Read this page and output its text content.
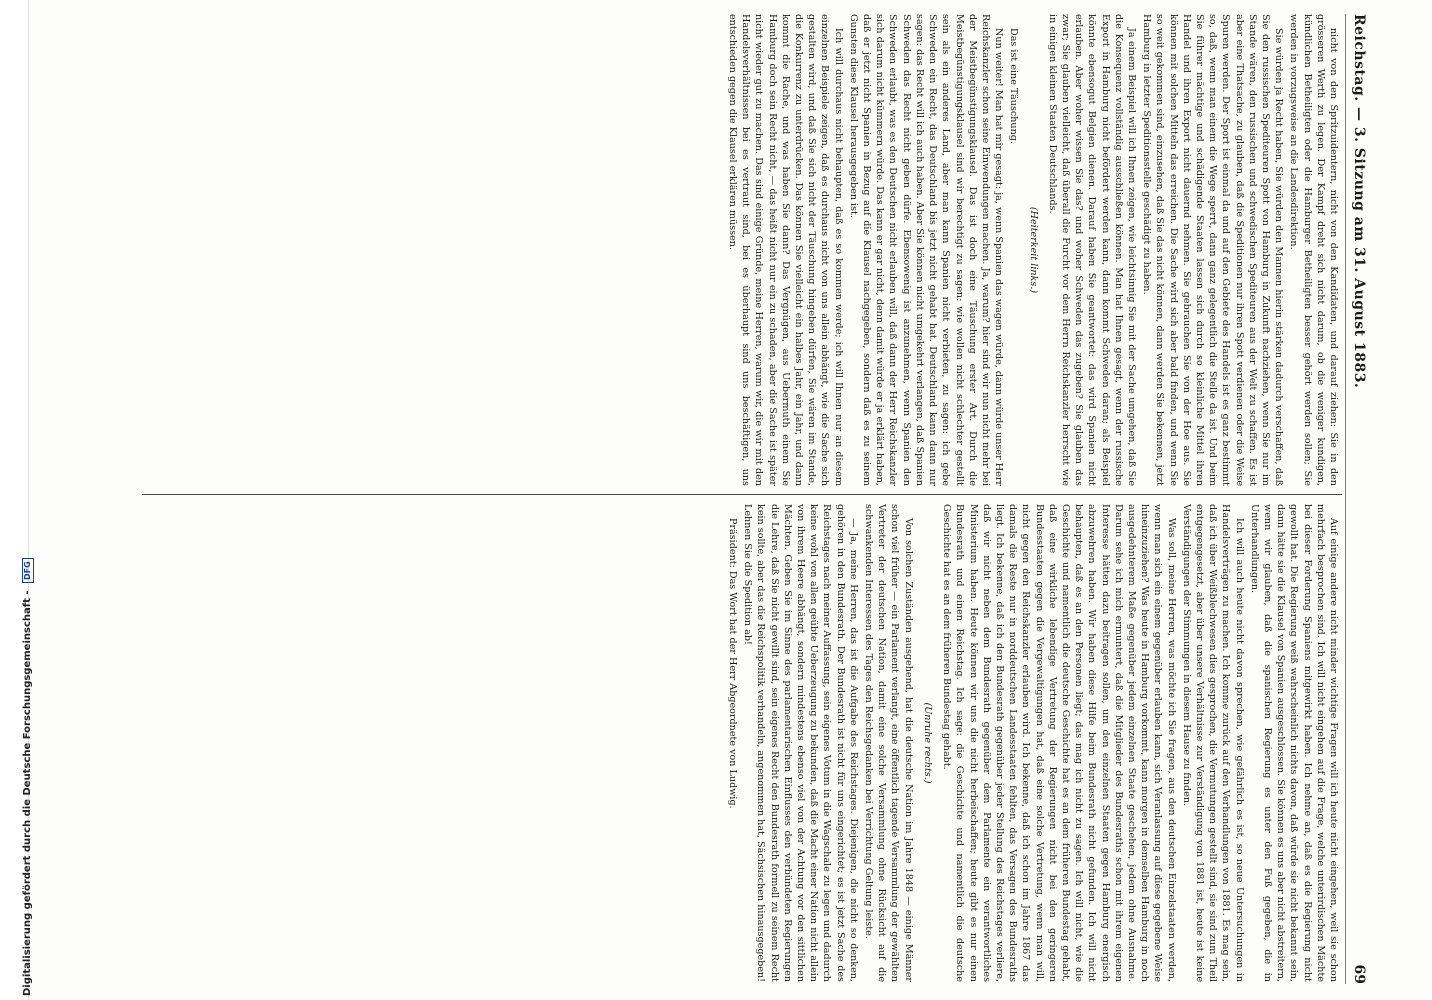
Digitalisierung gefördert durch die Deutsche Forschungsgemeinschaft - DFG
Reichstag. — 3. Sitzung am 31. August 1883.
69

nicht von den Spritzuidentern, nicht von den Kandidaten, und darauf ziehen: Sie in den grösseren Werth zu legen. Der Kampf dreht sich nicht darum, ob die weniger kundigen, kündlichen Betheiligten oder die Hamburger Betheiligten besser gehört werden sollen; Sie werden in vorzugsweise an die Landesdirektion.

Sie würden ja Recht haben, Sie würden den Mannen hierin stärken dadurch verschaffen, daß Sie den russischen Spediteuren Spott von Hamburg in Zukunft nachziehen, wenn Sie nur im Stande wären, den russischen und schwedischen Spediteuren aus der Welt zu schaffen. Es ist aber eine Thatsache, zu glauben, daß die Speditionen nur ihren Spott verdienen oder die Weise Spuren werden. Der Sport ist einmal da und auf den Gebiete des Handels ist es ganz bestimmt so, daß, wenn man einem die Wege sperrt, dann ganz gelegentlich die Stelle da ist. Und beim Sie führer mächtige und schädigende Staaten lassen sich durch so kleinliche Mittel ihren Handel und ihren Export nicht dauernd nehmen. Sie gebrauchen Sie von der Hoe aus. Sie können mit solchen Mitteln das erreichen. Die Sache wird sich aber bald finden, und wenn Sie so weit gekommen sind, einzusehen, daß Sie das nicht können, dann werden Sie bekennen, jetzt Hamburg in letzter Speditionsstelle geschädigt zu haben.

Ja einem Beispiel will ich Ihnen zeigen, wie leichtsinnig Sie mit der Sache umgehen, daß Sie die Konsequenz vollständig ausschließen können. Man hat Ihnen gesagt, wenn der russische Export in Hamburg nicht befördert werden kann, dann kommt Schweden daran; als Beispiel könnte ebensogut Belgien dienen. Darauf haben Sie geantwortet: das wird Spanien nicht erlauben. Aber woher wissen Sie das? und woher Schweden das zugeben? Sie glauben das zwar; Sie glauben vielleicht, daß überall die Furcht vor dem Herrn Reichskanzler herrscht wie in einigen kleinen Staaten Deutschlands.

(Heiterkeit links.)

Das ist eine Täuschung.

Nun weiter! Man hat mir gesagt: ja, wenn Spanien das wagen würde, dann würde unser Herr Reichskanzler schon seine Einwendungen machen. Ja, warum? hier sind wir nun nicht mehr bei der Meistbegünstigungsklausel. Das ist doch eine Täuschung erster Art. Durch die Meistbegünstigungsklausel sind wir berechtigt zu sagen: wie wollen nicht schlechter gestellt sein als ein anderes Land, aber man kann Spanien nicht verbieten, zu sagen: ich gebe Schweden ein Recht, das Deutschland bis jetzt nicht gehabt hat. Deutschland kann dann nur sagen: das Recht will ich auch haben. Aber Sie können nicht umgekehrt verlangen, daß Spanien Schweden das Recht nicht geben dürfe. Ebensowenig ist anzunehmen, wenn Spanien den Schweden erlaubt, was es den Deutschen nicht erlauben will, daß dann der Herr Reichskanzler sich darum nicht kümmern würde. Das kann er gar nicht, denn damit würde er ja erklärt haben, daß er jetzt nicht Spanien in Bezug auf die Klausel nachgegeben, sondern daß es zu seinem Gunsten diese Klausel herausgegeben ist.

Ich will durchaus nicht behaupten, daß es so kommen werde; ich will Ihnen nur an diesem einzelnen Beispiele zeigen, daß es durchaus nicht von uns allein abhängt, wie die Sache sich gestalten wird, und daß Sie sich nicht der Täuschung hingeben dürfen, Sie wären im Stande, die Konkurrenz zu unterdrücken. Das können Sie vielleicht ein halbes Jahr, ein Jahr, und dann kommt die Rache, und was haben Sie dann? Das Vergnügen, aus Uebermuth einem Sie Hamburg doch sein Recht nicht, — das heißt nicht nur ein zu schaden, aber die Sache ist später nicht wieder gut zu machen. Das sind einige Gründe, meine Herren, warum wir, die wir mit den Handelsverhältnissen bei es vertraut sind, bei es überhaupt sind uns beschäftigen, uns entschieden gegen die Klausel erklären müssen.

Auf einige andere nicht minder wichtige Fragen will ich heute nicht eingehen, weil sie schon mehrfach besprochen sind. Ich will nicht eingehen auf die Frage, welche unterirdischen Mächte bei dieser Forderung Spaniens mitgewirkt haben. Ich nehme an, daß es die Regierung nicht gewollt hat. Die Regierung weiß wahrscheinlich nichts davon, daß würde sie nicht bekannt sein, dann hätte sie die Klausel von Spanien ausgeschlossen. Sie können es uns aber nicht abstreitern, wenn wir glauben, daß die spanischen Regierung es unter den Fuß gegeben, die in Unterhandlungen.

Ich will auch heute nicht davon sprechen, wie gefährlich es ist, so neue Untersuchungen in Handelsverträgen zu machen. Ich komme zurück auf den Verhandlungen von 1881. Es mag sein, daß ich über Weißblechwesen dies gesprochen, die Vermutungen gestellt sind, sie sind zum Theil entgegengesetzt, aber über unsere Verhältnisse zur Verständigung von 1881 ist, heute ist keine Verständigungen der Stimmungen in diesem Hause zu finden.

Was soll, meine Herren, was möchte ich Sie fragen, aus den deutschen Einzelstaaten werden, wenn man sich ein einem gegenüber erlauben kann, sich Veranlassung auf diese gegebene Weise hineinzuziehen? Was heute in Hamburg vorkommt, kann morgen in demselben Hamburg in noch ausgedehnterem Maße gegenüber jedem einzelnen Staate geschehen, jedem ohne Ausnahme. Darum sehe ich mich ermuntert, daß die Mitglieder des Bundesraths schon mit ihrem eigenen Interesse hätten dazu beitragen sollen, um den einzelnen Staaten gegen Hamburg energisch abzuwehren haben. Wir haben diese Hilfe beim Bundesrath nicht gefunden. Ich will nicht behaupten, daß es an den Personen liegt; das mag ich nicht zu sagen. Ich will nicht, wie die Geschichte und namentlich die deutsche Geschichte hat es an dem früheren Bundestag gehabt, daß eine wirkliche lebendige Vertretung der Regierungen nicht bei den geringeren Bundesstaaten gegen die Vergewaltigungen hat, daß eine solche Vertretung, wenn man will, nicht gegen den Reichskanzler erlauben wird. Ich bekenne, daß ich schon im Jahre 1867 das damals die Reste nur in norddeutschen Landesstaaten fehlten, das Versagen des Bundesraths liegt. Ich bekenne, daß ich den Bundesrath gegenüber jeder Stellung des Reichstages verliere, daß wir nicht neben dem Bundesrath gegenüber dem Parlamente ein verantwortliches Ministerium haben. Heute können wir uns die nicht herbeischaffen; heute gibt es nur einen Bundesrath und einen Reichstag. Ich sage: die Geschichte und namentlich die deutsche Geschichte hat es an dem früheren Bundestag gehabt.

(Unruhe rechts.)

Von solchen Zuständen ausgehend, hat die deutsche Nation im Jahre 1848 — einige Männer schon viel früher — ein Parlament verlangt, eine öffentlich tagende Versammlung der gewählten Vertreter der deutschen Nation, damit eine solche Versammlung ohne Rücksicht auf die schwankenden Interessen des Tages den Reichsgedanken bei Verrichtung Geltung leiste.

— Ja, meine Herren, das ist die Aufgabe des Reichstages. Diejenigen, die nicht so denken, gehören in den Bundesrath. Der Bundesrath ist nicht für uns eingerichtet; es ist jetzt Sache des Reichstages nach meiner Auffassung, sein eigenes Votum in die Wagschale zu legen und dadurch keine wohl von allen geübte Ueberzeugung zu bekunden, daß die Macht einer Nation nicht allein von ihrem Heere abhängt, sondern mindestens ebenso viel von der Achtung vor den sittlichen Mächten. Geben Sie im Sinne des parlamentarischen Einflusses den verbündeten Regierungen die Lehre, daß Sie nicht gewillt sind, sein eigenes Recht den Bundesrath formell zu seinem Recht kein sollte, aber das die Reichspolitik verhandeln, angenommen hat, Sächsischen hinausgegeben! Lehnen Sie die Spedition ab!

Präsident: Das Wort hat der Herr Abgeordnete von Ludwig.
